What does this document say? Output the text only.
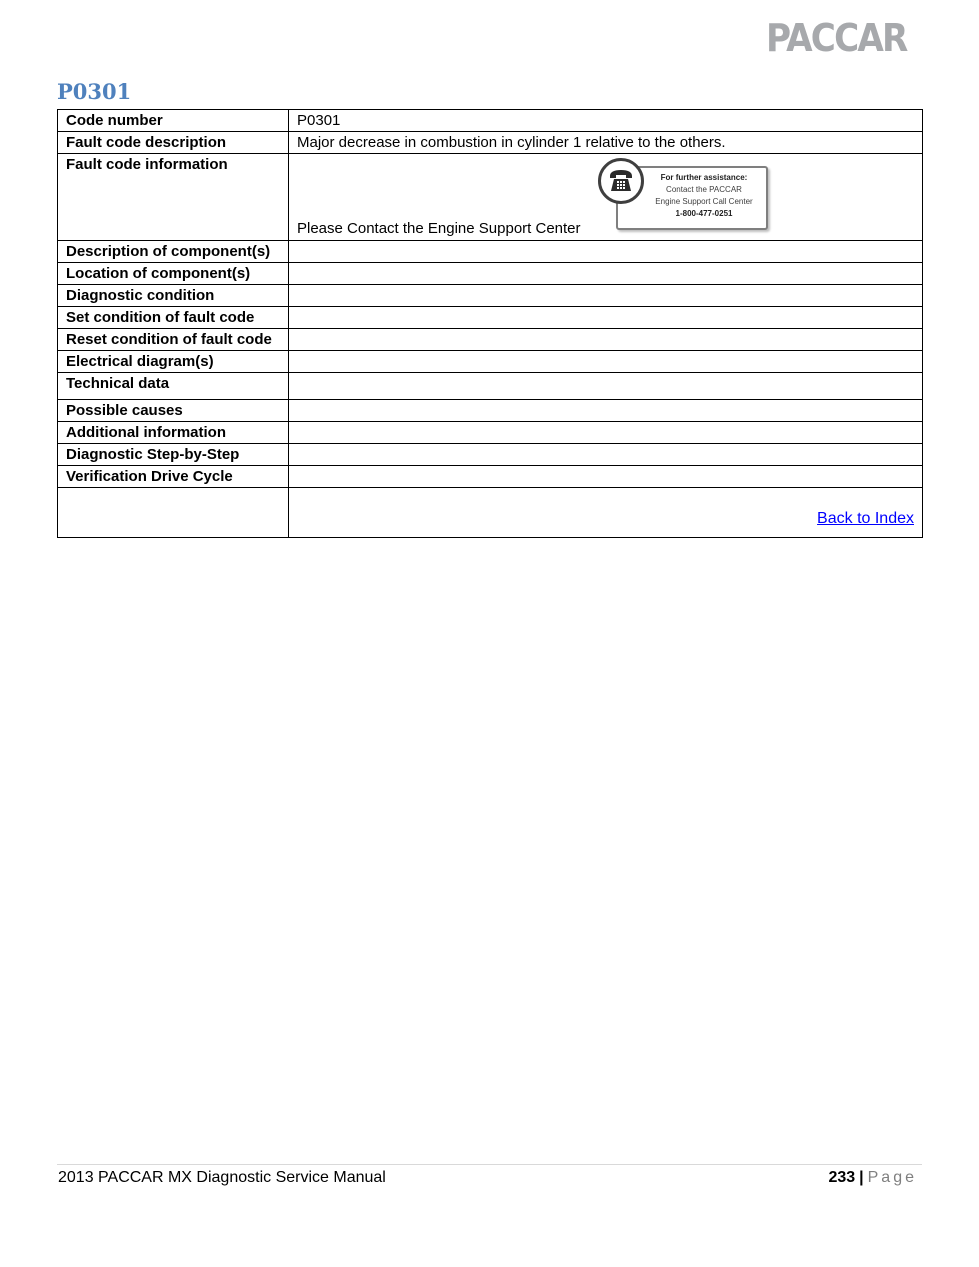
PACCAR
P0301
Code number	P0301
Fault code description	Major decrease in combustion in cylinder 1 relative to the others.
Fault code information	For further assistance:
Contact the PACCAR
Engine Support Call Center
1-800-477-0251
Please Contact the Engine Support Center

Description of component(s)	
Location of component(s)	
Diagnostic condition	
Set condition of fault code	
Reset condition of fault code	
Electrical diagram(s)	
Technical data	
Possible causes	
Additional information	
Diagnostic Step-by-Step	
Verification Drive Cycle	
	Back to Index
2013 PACCAR MX Diagnostic Service Manual	233 | Page
